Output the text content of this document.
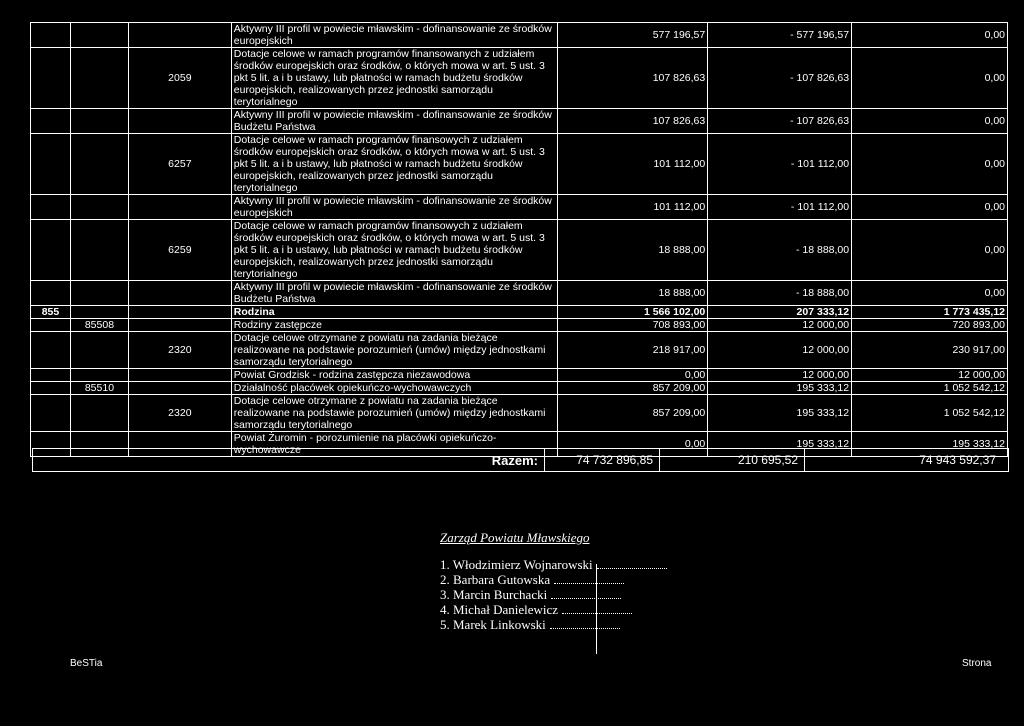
			Aktywny III profil w powiecie mławskim - dofinansowanie ze środków europejskich	577 196,57	- 577 196,57	0,00
		2059	Dotacje celowe w ramach programów finansowanych z udziałem środków europejskich oraz środków, o których mowa w art. 5 ust. 3 pkt 5 lit. a i b ustawy, lub płatności w ramach budżetu środków europejskich, realizowanych przez jednostki samorządu terytorialnego	107 826,63	- 107 826,63	0,00
			Aktywny III profil w powiecie mławskim - dofinansowanie ze środków Budżetu Państwa	107 826,63	- 107 826,63	0,00
		6257	Dotacje celowe w ramach programów finansowych z udziałem środków europejskich oraz środków, o których mowa w art. 5 ust. 3 pkt 5 lit. a i b ustawy, lub płatności w ramach budżetu środków europejskich, realizowanych przez jednostki samorządu terytorialnego	101 112,00	- 101 112,00	0,00
			Aktywny III profil w powiecie mławskim - dofinansowanie ze środków europejskich	101 112,00	- 101 112,00	0,00
		6259	Dotacje celowe w ramach programów finansowych z udziałem środków europejskich oraz środków, o których mowa w art. 5 ust. 3 pkt 5 lit. a i b ustawy, lub płatności w ramach budżetu środków europejskich, realizowanych przez jednostki samorządu terytorialnego	18 888,00	- 18 888,00	0,00
			Aktywny III profil w powiecie mławskim - dofinansowanie ze środków Budżetu Państwa	18 888,00	- 18 888,00	0,00
855			Rodzina	1 566 102,00	207 333,12	1 773 435,12
	85508		Rodziny zastępcze	708 893,00	12 000,00	720 893,00
		2320	Dotacje celowe otrzymane z powiatu na zadania bieżące realizowane na podstawie porozumień (umów) między jednostkami samorządu terytorialnego	218 917,00	12 000,00	230 917,00
			Powiat Grodzisk - rodzina zastępcza niezawodowa	0,00	12 000,00	12 000,00
	85510		Działalność placówek opiekuńczo-wychowawczych	857 209,00	195 333,12	1 052 542,12
		2320	Dotacje celowe otrzymane z powiatu na zadania bieżące realizowane na podstawie porozumień (umów) między jednostkami samorządu terytorialnego	857 209,00	195 333,12	1 052 542,12
			Powiat Żuromin - porozumienie na placówki opiekuńczo-wychowawcze	0,00	195 333,12	195 333,12
Razem:	74 732 896,85	210 695,52	74 943 592,37
Zarząd Powiatu Mławskiego
1. Włodzimierz Wojnarowski
2. Barbara Gutowska
3. Marcin Burchacki
4. Michał Danielewicz
5. Marek Linkowski
BeSTia	Strona
